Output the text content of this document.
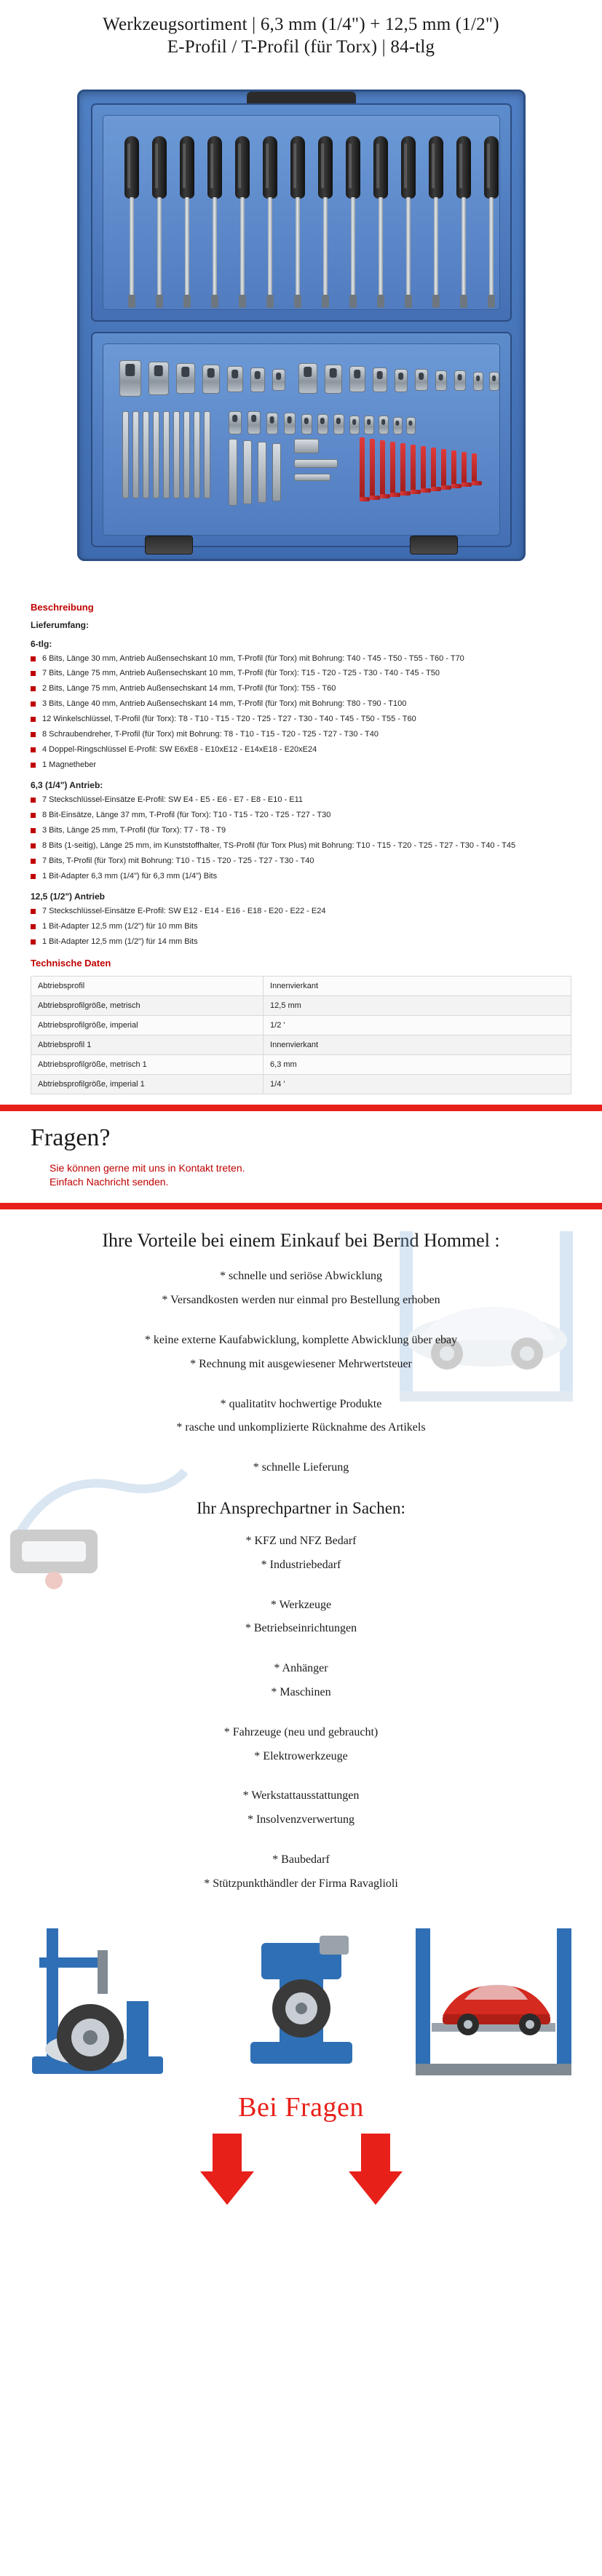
Werkzeugsortiment | 6,3 mm (1/4") + 12,5 mm (1/2")
E-Profil / T-Profil (für Torx) | 84-tlg
Beschreibung
Lieferumfang:
6-tlg:
6 Bits, Länge 30 mm, Antrieb Außensechskant 10 mm, T-Profil (für Torx) mit Bohrung: T40 - T45 - T50 - T55 - T60 - T70
7 Bits, Länge 75 mm, Antrieb Außensechskant 10 mm, T-Profil (für Torx): T15 - T20 - T25 - T30 - T40 - T45 - T50
2 Bits, Länge 75 mm, Antrieb Außensechskant 14 mm, T-Profil (für Torx): T55 - T60
3 Bits, Länge 40 mm, Antrieb Außensechskant 14 mm, T-Profil (für Torx) mit Bohrung: T80 - T90 - T100
12 Winkelschlüssel, T-Profil (für Torx): T8 - T10 - T15 - T20 - T25 - T27 - T30 - T40 - T45 - T50 - T55 - T60
8 Schraubendreher, T-Profil (für Torx) mit Bohrung: T8 - T10 - T15 - T20 - T25 - T27 - T30 - T40
4 Doppel-Ringschlüssel E-Profil: SW E6xE8 - E10xE12 - E14xE18 - E20xE24
1 Magnetheber
6,3 (1/4") Antrieb:
7 Steckschlüssel-Einsätze E-Profil: SW E4 - E5 - E6 - E7 - E8 - E10 - E11
8 Bit-Einsätze, Länge 37 mm, T-Profil (für Torx): T10 - T15 - T20 - T25 - T27 - T30
3 Bits, Länge 25 mm, T-Profil (für Torx): T7 - T8 - T9
8 Bits (1-seitig), Länge 25 mm, im Kunststoffhalter, TS-Profil (für Torx Plus) mit Bohrung: T10 - T15 - T20 - T25 - T27 - T30 - T40 - T45
7 Bits, T-Profil (für Torx) mit Bohrung: T10 - T15 - T20 - T25 - T27 - T30 - T40
1 Bit-Adapter 6,3 mm (1/4") für 6,3 mm (1/4") Bits
12,5 (1/2") Antrieb
7 Steckschlüssel-Einsätze E-Profil: SW E12 - E14 - E16 - E18 - E20 - E22 - E24
1 Bit-Adapter 12,5 mm (1/2") für 10 mm Bits
1 Bit-Adapter 12,5 mm (1/2") für 14 mm Bits
Technische Daten
Abtriebsprofil	Innenvierkant
Abtriebsprofilgröße, metrisch	12,5 mm
Abtriebsprofilgröße, imperial	1/2 '
Abtriebsprofil 1	Innenvierkant
Abtriebsprofilgröße, metrisch 1	6,3 mm
Abtriebsprofilgröße, imperial 1	1/4 '
Fragen?

Sie können gerne mit uns in Kontakt treten.

Einfach Nachricht senden.

Ihre Vorteile bei einem Einkauf bei Bernd Hommel :
* schnelle und seriöse Abwicklung
* Versandkosten werden nur einmal pro Bestellung erhoben
* keine externe Kaufabwicklung, komplette Abwicklung über ebay
* Rechnung mit ausgewiesener Mehrwertsteuer
* qualitatitv hochwertige Produkte
* rasche und unkomplizierte Rücknahme des Artikels
* schnelle Lieferung
Ihr Ansprechpartner in Sachen:
* KFZ und NFZ Bedarf
* Industriebedarf
* Werkzeuge
* Betriebseinrichtungen
* Anhänger
* Maschinen
* Fahrzeuge (neu und gebraucht)
* Elektrowerkzeuge
* Werkstattausstattungen
* Insolvenzverwertung
* Baubedarf
* Stützpunkthändler der Firma Ravaglioli
Bei Fragen
